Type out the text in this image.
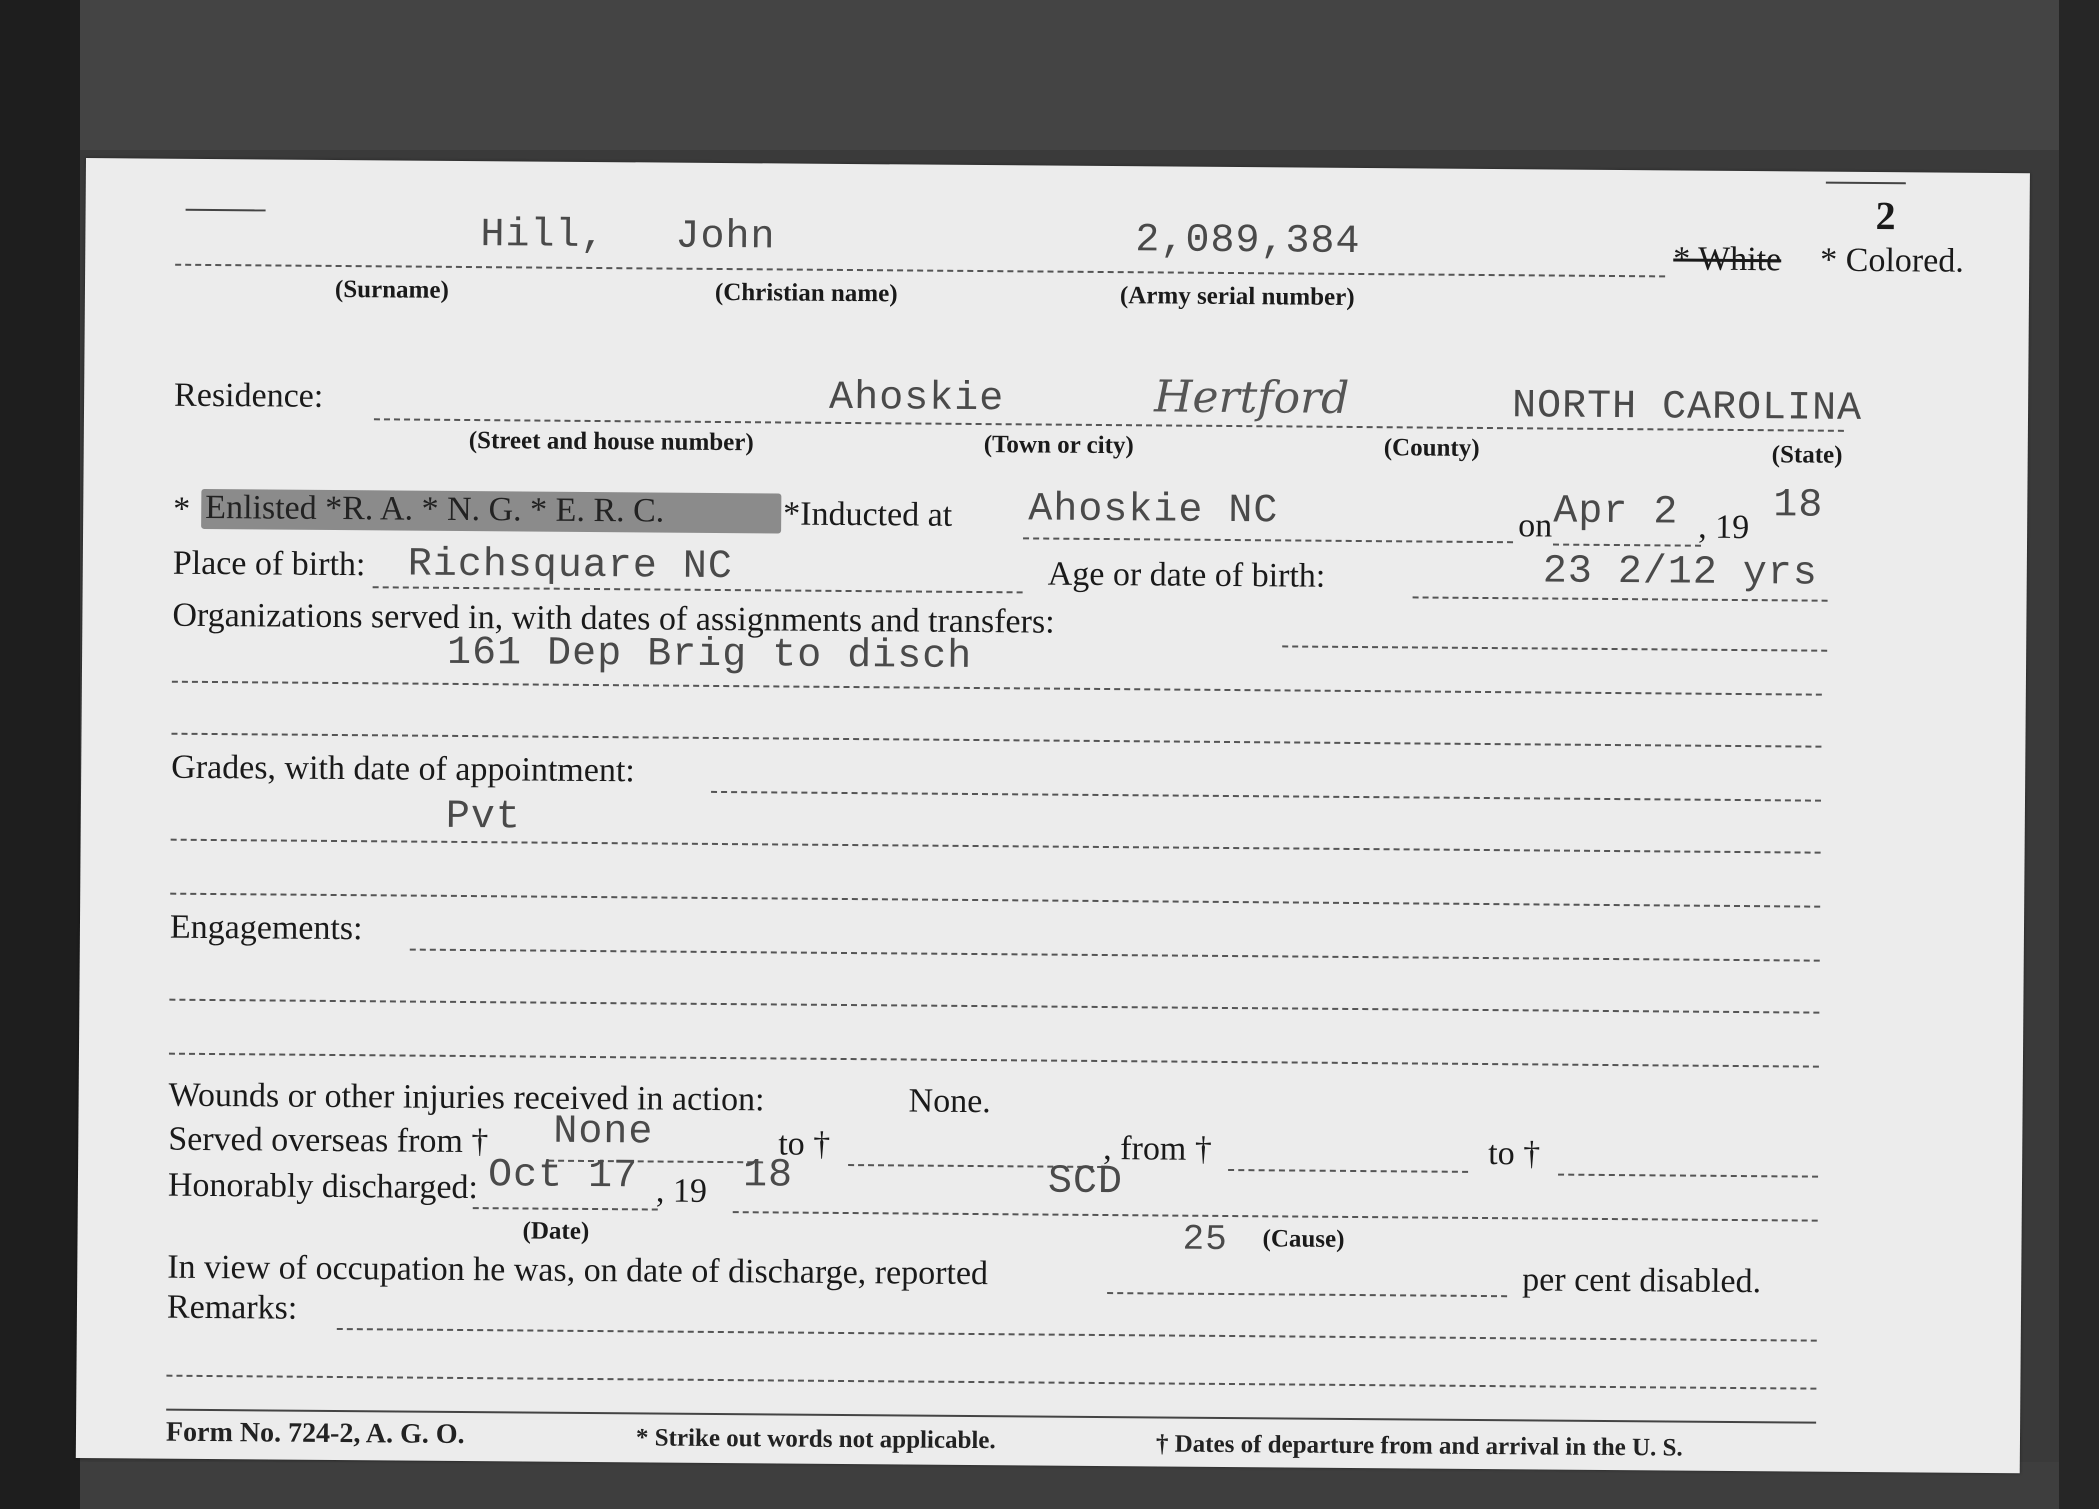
2
Hill, John	2,089,384	* White * Colored.
(Surname)	(Christian name)	(Army serial number)
Residence:	Ahoskie	Hertford	NORTH CAROLINA
(Street and house number)	(Town or city)	(County)	(State)
* Enlisted *R. A. * N. G. * E. R. C.	*Inducted at Ahoskie NC	on Apr 2 , 19 18
Place of birth: Richsquare NC	Age or date of birth:	23 2/12 yrs
Organizations served in, with dates of assignments and transfers:
161 Dep Brig to disch
Grades, with date of appointment:
Pvt
Engagements:
Wounds or other injuries received in action:	None.
Served overseas from † None	to †	, from †	to †
Honorably discharged: Oct 17 , 19 18	SCD
(Date)	25 (Cause)
In view of occupation he was, on date of discharge, reported	per cent disabled.
Remarks:
Form No. 724-2, A. G. O.	* Strike out words not applicable.	† Dates of departure from and arrival in the U. S.
